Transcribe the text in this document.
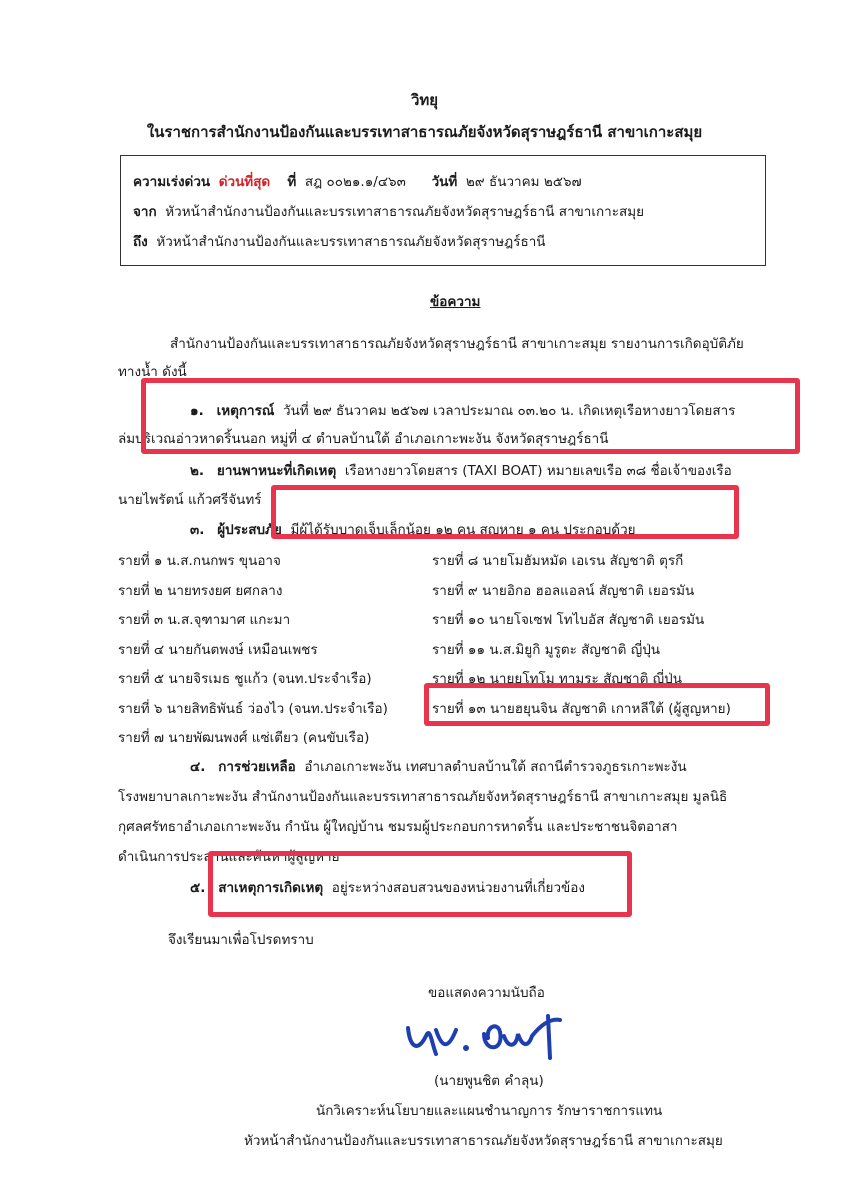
วิทยุ
ในราชการสำนักงานป้องกันและบรรเทาสาธารณภัยจังหวัดสุราษฎร์ธานี สาขาเกาะสมุย
ความเร่งด่วน ด่วนที่สุด ที่ สฎ ๐๐๒๑.๑/๔๖๓ วันที่ ๒๙ ธันวาคม ๒๕๖๗
จาก หัวหน้าสำนักงานป้องกันและบรรเทาสาธารณภัยจังหวัดสุราษฎร์ธานี สาขาเกาะสมุย
ถึง หัวหน้าสำนักงานป้องกันและบรรเทาสาธารณภัยจังหวัดสุราษฎร์ธานี
ข้อความ
สำนักงานป้องกันและบรรเทาสาธารณภัยจังหวัดสุราษฎร์ธานี สาขาเกาะสมุย รายงานการเกิดอุบัติภัย
ทางน้ำ ดังนี้
๑. เหตุการณ์ วันที่ ๒๙ ธันวาคม ๒๕๖๗ เวลาประมาณ ๐๓.๒๐ น. เกิดเหตุเรือหางยาวโดยสาร
ล่มบริเวณอ่าวหาดริ้นนอก หมู่ที่ ๔ ตำบลบ้านใต้ อำเภอเกาะพะงัน จังหวัดสุราษฎร์ธานี
๒. ยานพาหนะที่เกิดเหตุ เรือหางยาวโดยสาร (TAXI BOAT) หมายเลขเรือ ๓๘ ชื่อเจ้าของเรือ
นายไพรัตน์ แก้วศรีจันทร์
๓. ผู้ประสบภัย มีผู้ได้รับบาดเจ็บเล็กน้อย ๑๒ คน สูญหาย ๑ คน ประกอบด้วย
รายที่ ๑ น.ส.กนกพร ขุนอาจ
รายที่ ๒ นายทรงยศ ยศกลาง
รายที่ ๓ น.ส.จุฑามาศ แกะมา
รายที่ ๔ นายกันตพงษ์ เหมือนเพชร
รายที่ ๕ นายจิรเมธ ชูแก้ว (จนท.ประจำเรือ)
รายที่ ๖ นายสิทธิพันธ์ ว่องไว (จนท.ประจำเรือ)
รายที่ ๗ นายพัฒนพงศ์ แซ่เตียว (คนขับเรือ)
รายที่ ๘ นายโมฮัมหมัด เอเรน สัญชาติ ตุรกี
รายที่ ๙ นายอิกอ ฮอลแอลน์ สัญชาติ เยอรมัน
รายที่ ๑๐ นายโจเซฟ โทไบอัส สัญชาติ เยอรมัน
รายที่ ๑๑ น.ส.มิยูกิ มูรูตะ สัญชาติ ญี่ปุ่น
รายที่ ๑๒ นายยูโทโม ทามูระ สัญชาติ ญี่ปุ่น
รายที่ ๑๓ นายฮยุนจิน สัญชาติ เกาหลีใต้ (ผู้สูญหาย)
๔. การช่วยเหลือ อำเภอเกาะพะงัน เทศบาลตำบลบ้านใต้ สถานีตำรวจภูธรเกาะพะงัน
โรงพยาบาลเกาะพะงัน สำนักงานป้องกันและบรรเทาสาธารณภัยจังหวัดสุราษฎร์ธานี สาขาเกาะสมุย มูลนิธิ
กุศลศรัทธาอำเภอเกาะพะงัน กำนัน ผู้ใหญ่บ้าน ชมรมผู้ประกอบการหาดริ้น และประชาชนจิตอาสา
ดำเนินการประสานและค้นหาผู้สูญหาย
๕. สาเหตุการเกิดเหตุ อยู่ระหว่างสอบสวนของหน่วยงานที่เกี่ยวข้อง
จึงเรียนมาเพื่อโปรดทราบ
ขอแสดงความนับถือ
(นายพูนชิต คำลุน)
นักวิเคราะห์นโยบายและแผนชำนาญการ รักษาราชการแทน
หัวหน้าสำนักงานป้องกันและบรรเทาสาธารณภัยจังหวัดสุราษฎร์ธานี สาขาเกาะสมุย
